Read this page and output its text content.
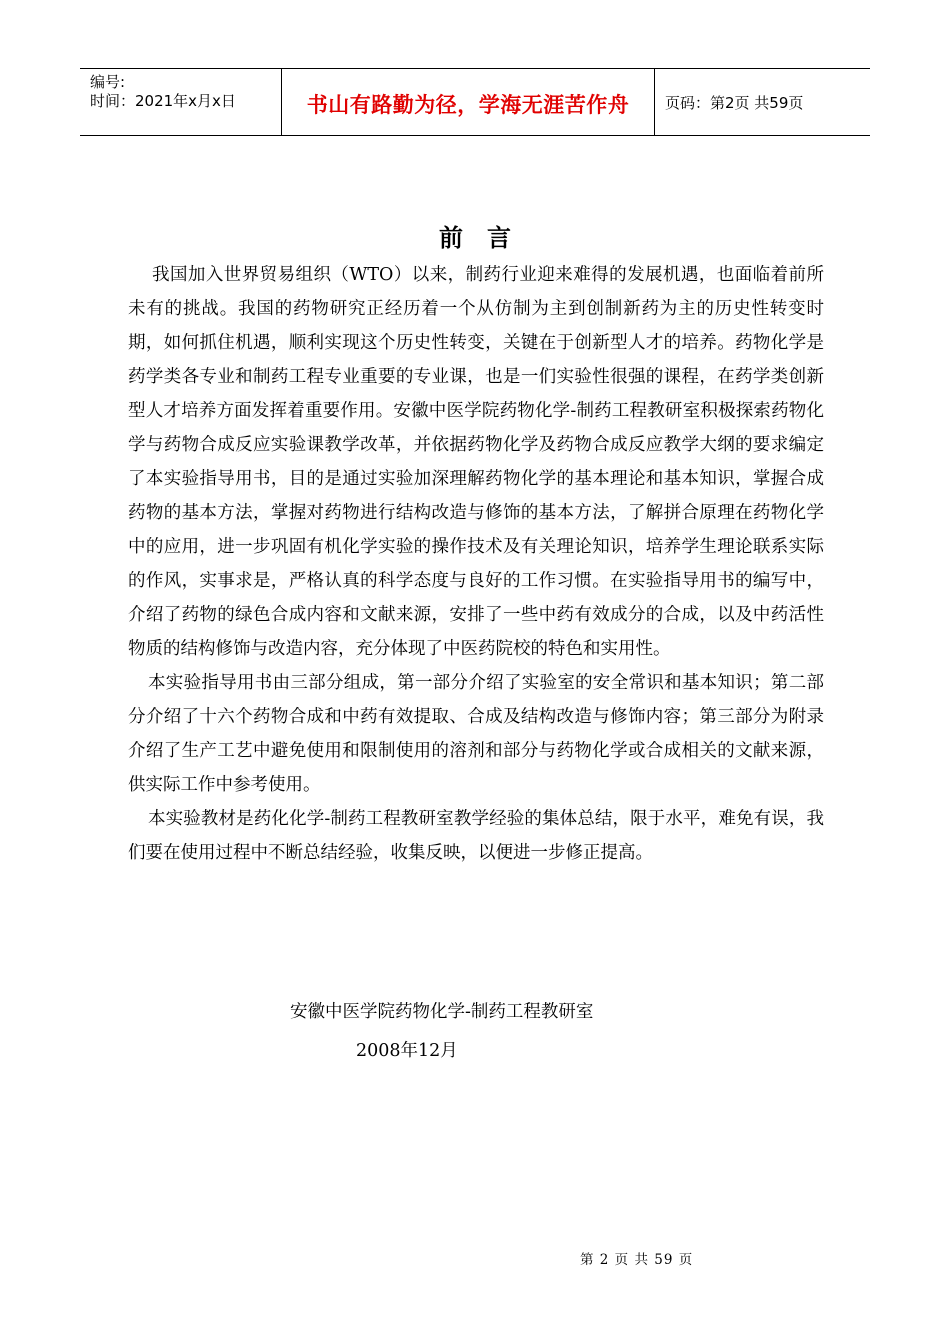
编号:
时间：2021年x月x日	书山有路勤为径，学海无涯苦作舟 页码：第2页 共59页
前言

我国加入世界贸易组织（WTO）以来，制药行业迎来难得的发展机遇，也面临着前所未有的挑战。我国的药物研究正经历着一个从仿制为主到创制新药为主的历史性转变时期，如何抓住机遇，顺利实现这个历史性转变，关键在于创新型人才的培养。药物化学是药学类各专业和制药工程专业重要的专业课，也是一们实验性很强的课程，在药学类创新型人才培养方面发挥着重要作用。安徽中医学院药物化学-制药工程教研室积极探索药物化学与药物合成反应实验课教学改革，并依据药物化学及药物合成反应教学大纲的要求编定了本实验指导用书，目的是通过实验加深理解药物化学的基本理论和基本知识，掌握合成药物的基本方法，掌握对药物进行结构改造与修饰的基本方法，了解拼合原理在药物化学中的应用，进一步巩固有机化学实验的操作技术及有关理论知识，培养学生理论联系实际的作风，实事求是，严格认真的科学态度与良好的工作习惯。在实验指导用书的编写中，介绍了药物的绿色合成内容和文献来源，安排了一些中药有效成分的合成，以及中药活性物质的结构修饰与改造内容，充分体现了中医药院校的特色和实用性。

本实验指导用书由三部分组成，第一部分介绍了实验室的安全常识和基本知识；第二部分介绍了十六个药物合成和中药有效提取、合成及结构改造与修饰内容；第三部分为附录介绍了生产工艺中避免使用和限制使用的溶剂和部分与药物化学或合成相关的文献来源，供实际工作中参考使用。

本实验教材是药化化学-制药工程教研室教学经验的集体总结，限于水平，难免有误，我们要在使用过程中不断总结经验，收集反映，以便进一步修正提高。

安徽中医学院药物化学-制药工程教研室
2008年12月
第 2 页 共 59 页
